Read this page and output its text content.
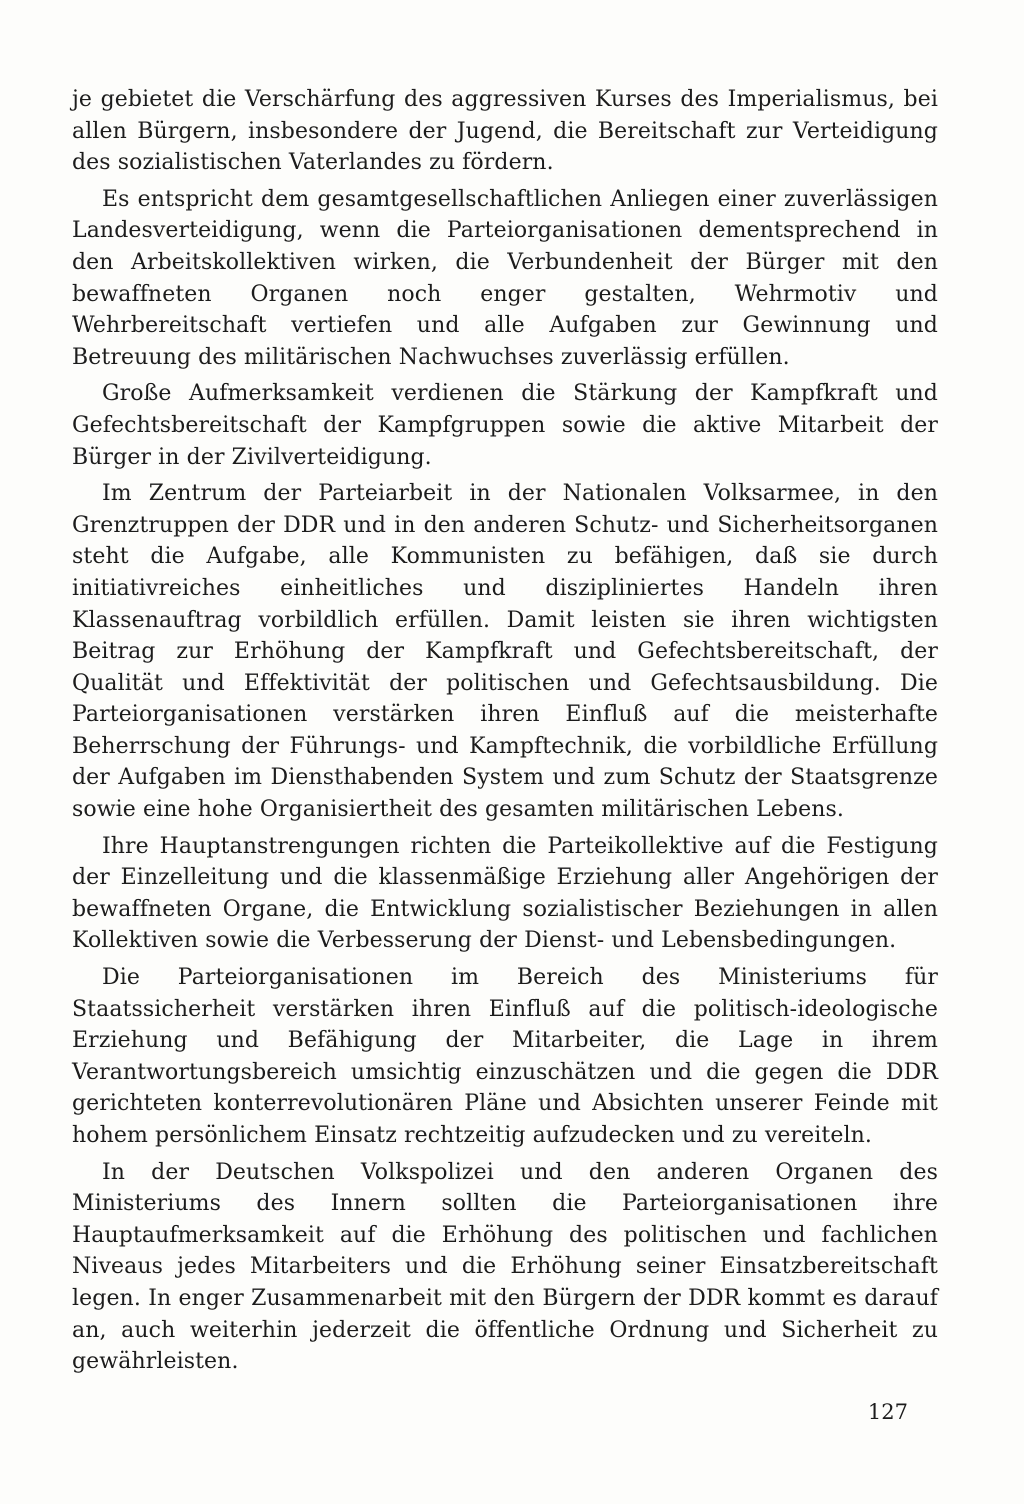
je gebietet die Verschärfung des aggressiven Kurses des Imperialismus, bei allen Bürgern, insbesondere der Jugend, die Bereitschaft zur Verteidigung des sozialistischen Vaterlandes zu fördern.

Es entspricht dem gesamtgesellschaftlichen Anliegen einer zuverlässigen Landesverteidigung, wenn die Parteiorganisationen dementsprechend in den Arbeitskollektiven wirken, die Verbundenheit der Bürger mit den bewaffneten Organen noch enger gestalten, Wehrmotiv und Wehrbereitschaft vertiefen und alle Aufgaben zur Gewinnung und Betreuung des militärischen Nachwuchses zuverlässig erfüllen.

Große Aufmerksamkeit verdienen die Stärkung der Kampfkraft und Gefechtsbereitschaft der Kampfgruppen sowie die aktive Mitarbeit der Bürger in der Zivilverteidigung.

Im Zentrum der Parteiarbeit in der Nationalen Volksarmee, in den Grenztruppen der DDR und in den anderen Schutz- und Sicherheitsorganen steht die Aufgabe, alle Kommunisten zu befähigen, daß sie durch initiativreiches einheitliches und diszipliniertes Handeln ihren Klassenauftrag vorbildlich erfüllen. Damit leisten sie ihren wichtigsten Beitrag zur Erhöhung der Kampfkraft und Gefechtsbereitschaft, der Qualität und Effektivität der politischen und Gefechtsausbildung. Die Parteiorganisationen verstärken ihren Einfluß auf die meisterhafte Beherrschung der Führungs- und Kampftechnik, die vorbildliche Erfüllung der Aufgaben im Diensthabenden System und zum Schutz der Staatsgrenze sowie eine hohe Organisiertheit des gesamten militärischen Lebens.

Ihre Hauptanstrengungen richten die Parteikollektive auf die Festigung der Einzelleitung und die klassenmäßige Erziehung aller Angehörigen der bewaffneten Organe, die Entwicklung sozialistischer Beziehungen in allen Kollektiven sowie die Verbesserung der Dienst- und Lebensbedingungen.

Die Parteiorganisationen im Bereich des Ministeriums für Staatssicherheit verstärken ihren Einfluß auf die politisch-ideologische Erziehung und Befähigung der Mitarbeiter, die Lage in ihrem Verantwortungsbereich umsichtig einzuschätzen und die gegen die DDR gerichteten konterrevolutionären Pläne und Absichten unserer Feinde mit hohem persönlichem Einsatz rechtzeitig aufzudecken und zu vereiteln.

In der Deutschen Volkspolizei und den anderen Organen des Ministeriums des Innern sollten die Parteiorganisationen ihre Hauptaufmerksamkeit auf die Erhöhung des politischen und fachlichen Niveaus jedes Mitarbeiters und die Erhöhung seiner Einsatzbereitschaft legen. In enger Zusammenarbeit mit den Bürgern der DDR kommt es darauf an, auch weiterhin jederzeit die öffentliche Ordnung und Sicherheit zu gewährleisten.

127
